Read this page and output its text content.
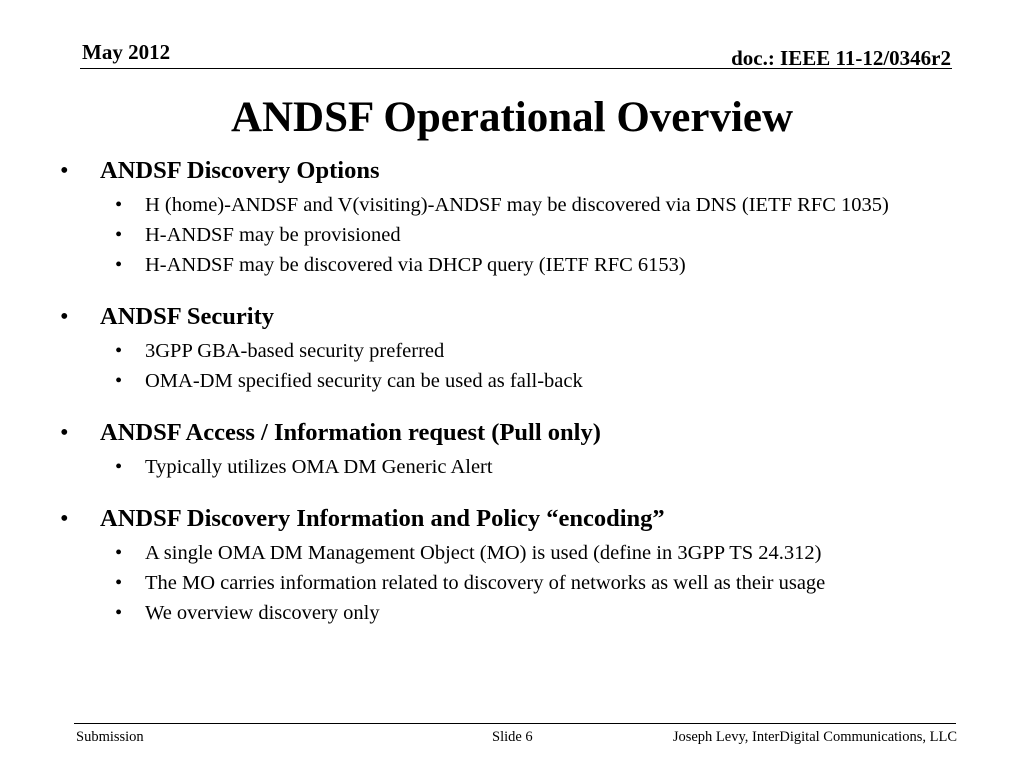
May 2012	doc.: IEEE 11-12/0346r2
ANDSF Operational Overview
• ANDSF Discovery Options
• H (home)-ANDSF and V(visiting)-ANDSF may be discovered via DNS (IETF RFC 1035)
• H-ANDSF may be provisioned
• H-ANDSF may be discovered via DHCP query (IETF RFC 6153)
• ANDSF Security
• 3GPP GBA-based security preferred
• OMA-DM specified security can be used as fall-back
• ANDSF Access / Information request (Pull only)
• Typically utilizes OMA DM Generic Alert
• ANDSF Discovery Information and Policy “encoding”
• A single OMA DM Management Object (MO) is used (define in 3GPP TS 24.312)
• The MO carries information related to discovery of networks as well as their usage
• We overview discovery only
Submission	Slide 6	Joseph Levy, InterDigital Communications, LLC
